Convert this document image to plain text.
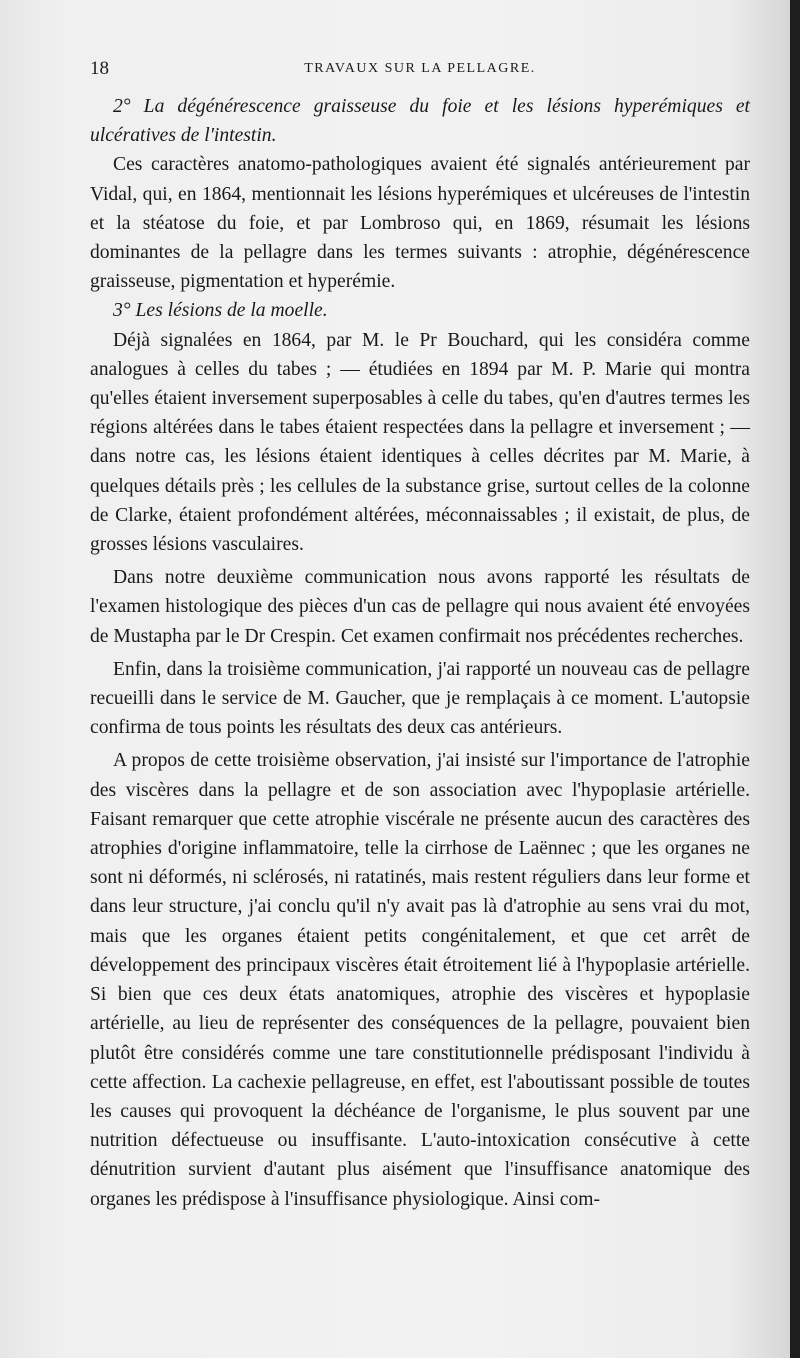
18	TRAVAUX SUR LA PELLAGRE.

2° La dégénérescence graisseuse du foie et les lésions hyperémiques et ulcératives de l'intestin.

Ces caractères anatomo-pathologiques avaient été signalés antérieurement par Vidal, qui, en 1864, mentionnait les lésions hyperémiques et ulcéreuses de l'intestin et la stéatose du foie, et par Lombroso qui, en 1869, résumait les lésions dominantes de la pellagre dans les termes suivants : atrophie, dégénérescence graisseuse, pigmentation et hyperémie.

3° Les lésions de la moelle.

Déjà signalées en 1864, par M. le Pr Bouchard, qui les considéra comme analogues à celles du tabes ; — étudiées en 1894 par M. P. Marie qui montra qu'elles étaient inversement superposables à celle du tabes, qu'en d'autres termes les régions altérées dans le tabes étaient respectées dans la pellagre et inversement ; — dans notre cas, les lésions étaient identiques à celles décrites par M. Marie, à quelques détails près ; les cellules de la substance grise, surtout celles de la colonne de Clarke, étaient profondément altérées, méconnaissables ; il existait, de plus, de grosses lésions vasculaires.

Dans notre deuxième communication nous avons rapporté les résultats de l'examen histologique des pièces d'un cas de pellagre qui nous avaient été envoyées de Mustapha par le Dr Crespin. Cet examen confirmait nos précédentes recherches.

Enfin, dans la troisième communication, j'ai rapporté un nouveau cas de pellagre recueilli dans le service de M. Gaucher, que je remplaçais à ce moment. L'autopsie confirma de tous points les résultats des deux cas antérieurs.

A propos de cette troisième observation, j'ai insisté sur l'importance de l'atrophie des viscères dans la pellagre et de son association avec l'hypoplasie artérielle. Faisant remarquer que cette atrophie viscérale ne présente aucun des caractères des atrophies d'origine inflammatoire, telle la cirrhose de Laënnec ; que les organes ne sont ni déformés, ni sclérosés, ni ratatinés, mais restent réguliers dans leur forme et dans leur structure, j'ai conclu qu'il n'y avait pas là d'atrophie au sens vrai du mot, mais que les organes étaient petits congénitalement, et que cet arrêt de développement des principaux viscères était étroitement lié à l'hypoplasie artérielle. Si bien que ces deux états anatomiques, atrophie des viscères et hypoplasie artérielle, au lieu de représenter des conséquences de la pellagre, pouvaient bien plutôt être considérés comme une tare constitutionnelle prédisposant l'individu à cette affection. La cachexie pellagreuse, en effet, est l'aboutissant possible de toutes les causes qui provoquent la déchéance de l'organisme, le plus souvent par une nutrition défectueuse ou insuffisante. L'auto-intoxication consécutive à cette dénutrition survient d'autant plus aisément que l'insuffisance anatomique des organes les prédispose à l'insuffisance physiologique. Ainsi com-
